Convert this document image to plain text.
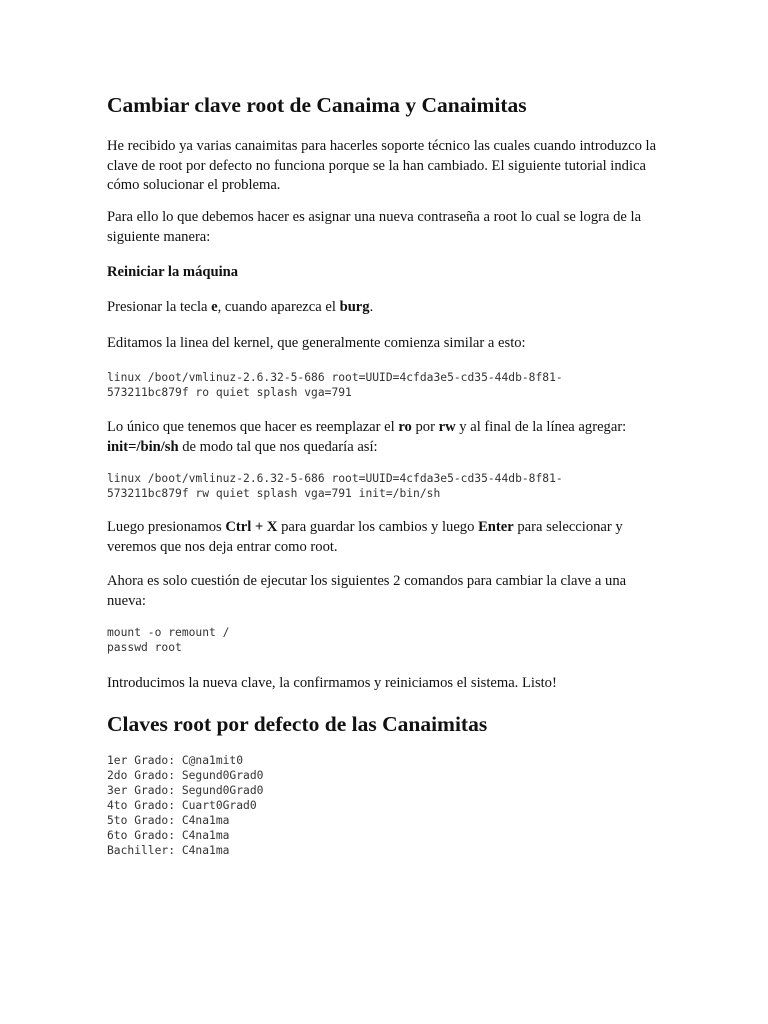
Cambiar clave root de Canaima y Canaimitas

He recibido ya varias canaimitas para hacerles soporte técnico las cuales cuando introduzco la clave de root por defecto no funciona porque se la han cambiado. El siguiente tutorial indica cómo solucionar el problema.

Para ello lo que debemos hacer es asignar una nueva contraseña a root lo cual se logra de la siguiente manera:

Reiniciar la máquina

Presionar la tecla e, cuando aparezca el burg.

Editamos la linea del kernel, que generalmente comienza similar a esto:

linux /boot/vmlinuz-2.6.32-5-686 root=UUID=4cfda3e5-cd35-44db-8f81-
573211bc879f ro quiet splash vga=791

Lo único que tenemos que hacer es reemplazar el ro por rw y al final de la línea agregar: init=/bin/sh de modo tal que nos quedaría así:

linux /boot/vmlinuz-2.6.32-5-686 root=UUID=4cfda3e5-cd35-44db-8f81-
573211bc879f rw quiet splash vga=791 init=/bin/sh

Luego presionamos Ctrl + X para guardar los cambios y luego Enter para seleccionar y veremos que nos deja entrar como root.

Ahora es solo cuestión de ejecutar los siguientes 2 comandos para cambiar la clave a una nueva:

mount -o remount /
passwd root

Introducimos la nueva clave, la confirmamos y reiniciamos el sistema. Listo!

Claves root por defecto de las Canaimitas
1er Grado: C@na1mit0
2do Grado: Segund0Grad0
3er Grado: Segund0Grad0
4to Grado: Cuart0Grad0
5to Grado: C4na1ma
6to Grado: C4na1ma
Bachiller: C4na1ma
